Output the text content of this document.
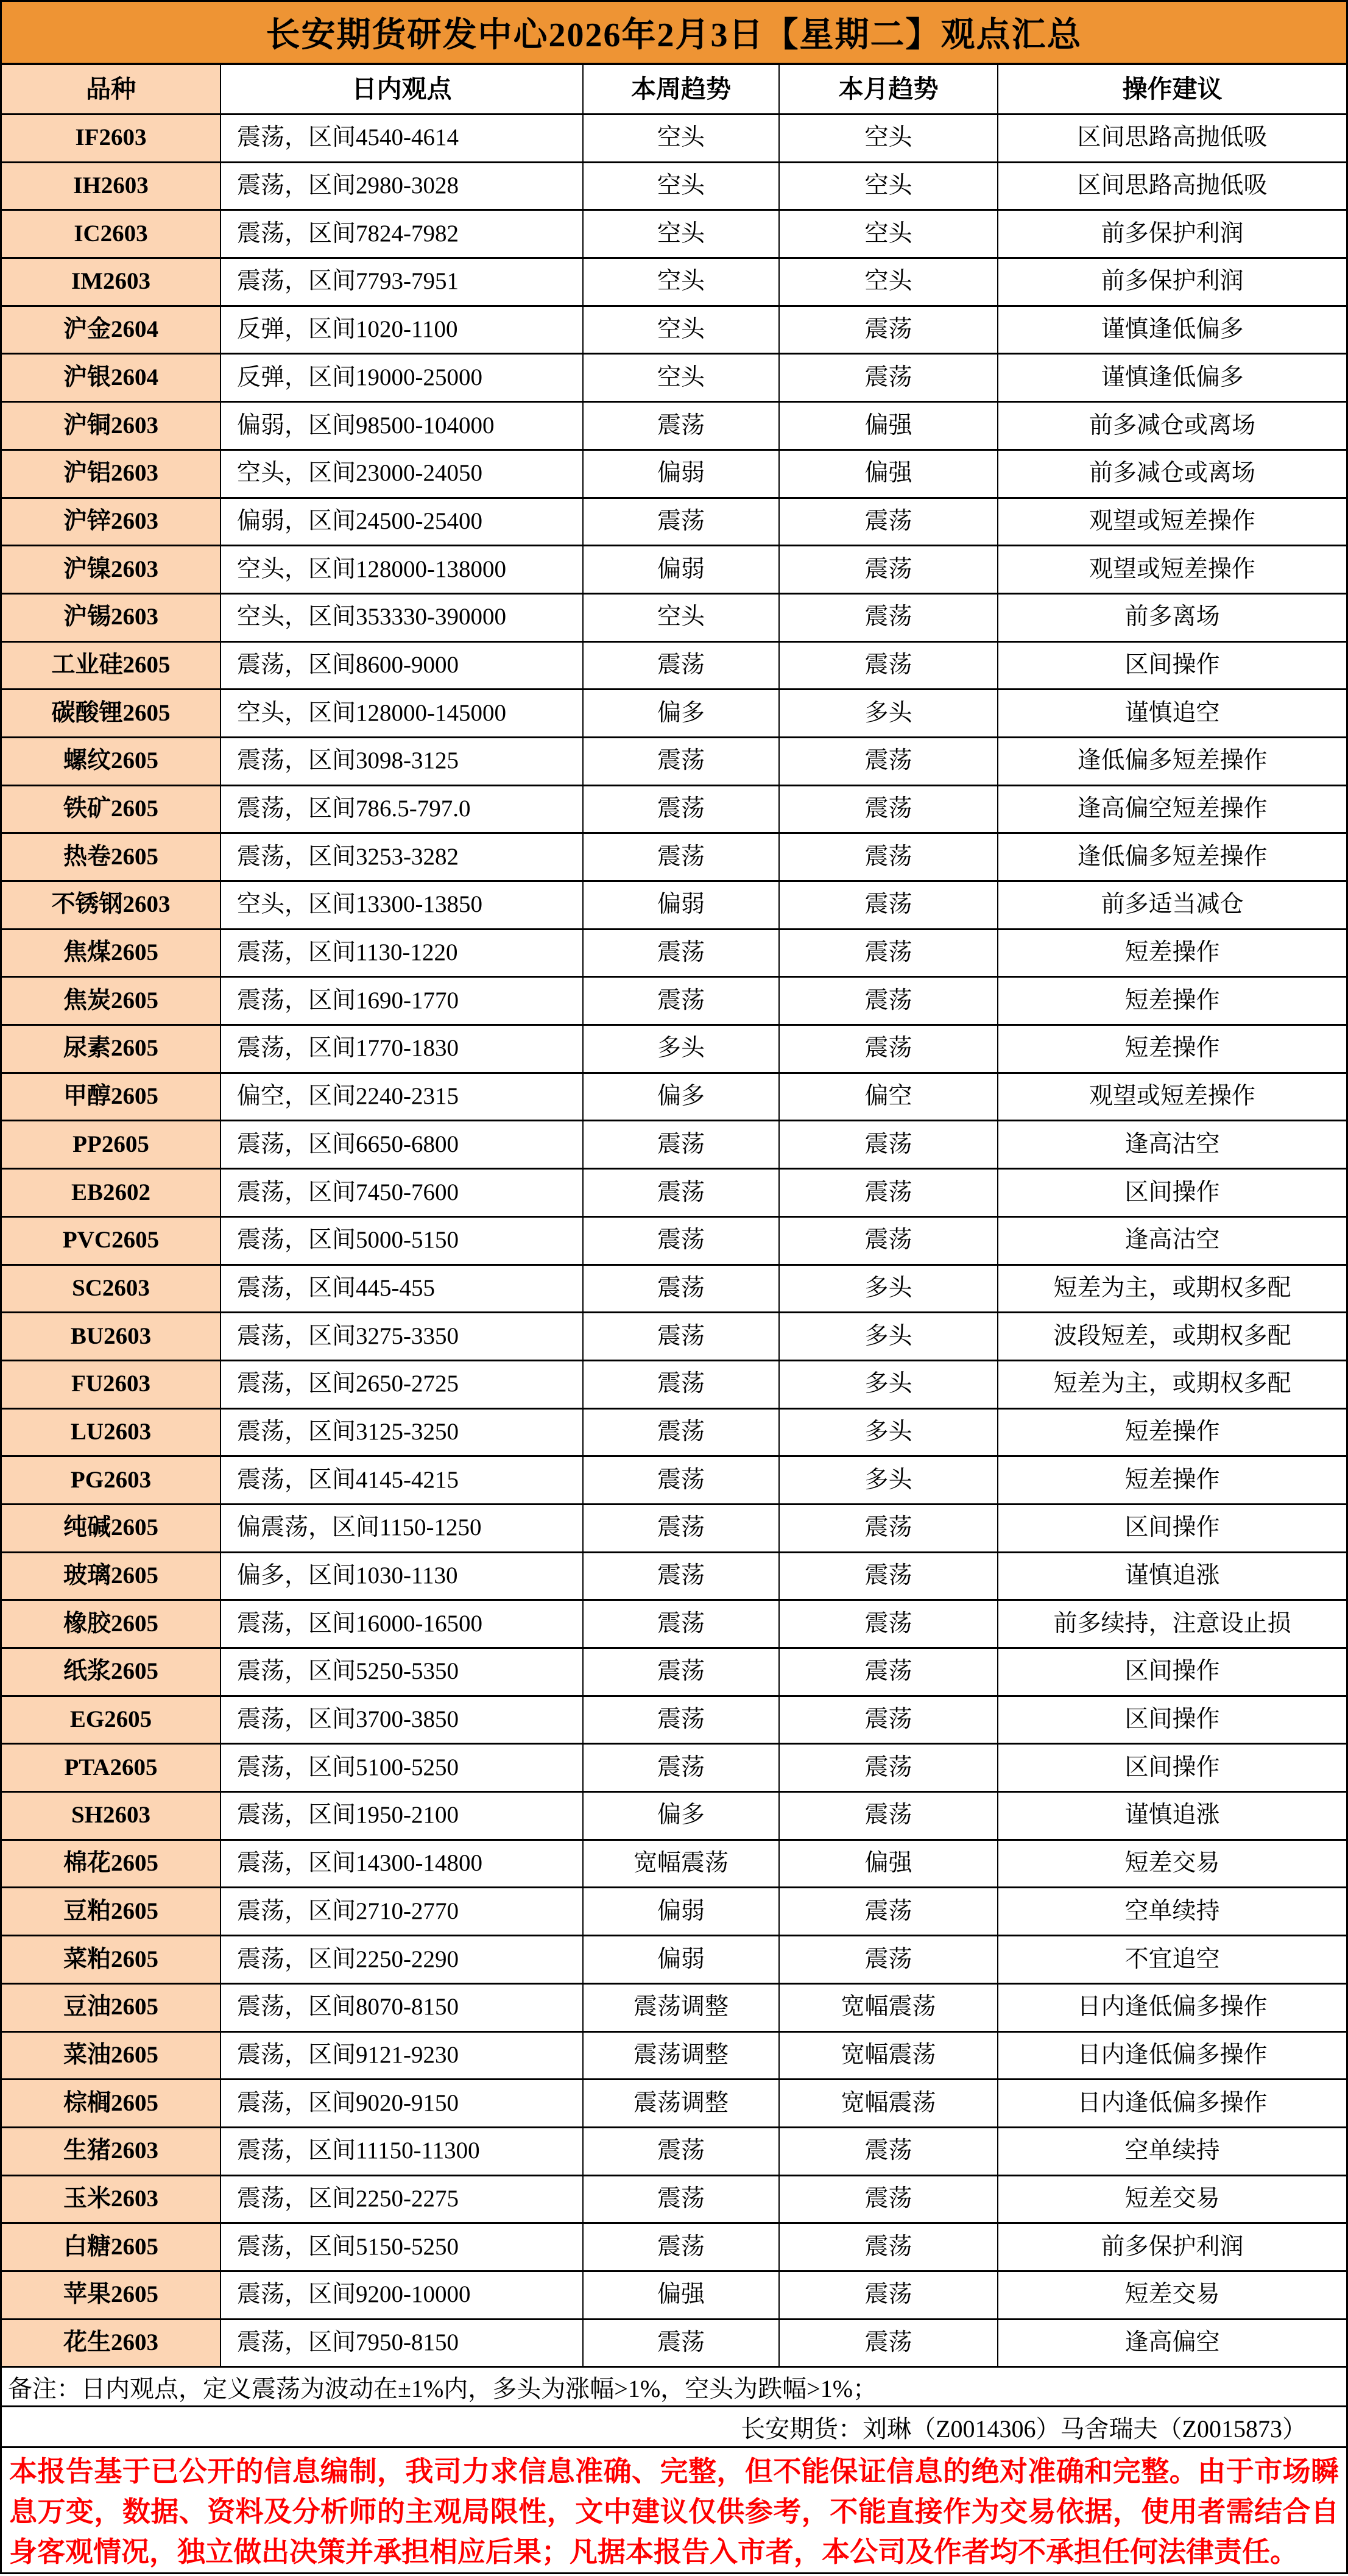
长安期货研发中心2026年2月3日【星期二】观点汇总
品种	日内观点	本周趋势	本月趋势	操作建议
IF2603	震荡，区间4540-4614	空头	空头	区间思路高抛低吸
IH2603	震荡，区间2980-3028	空头	空头	区间思路高抛低吸
IC2603	震荡，区间7824-7982	空头	空头	前多保护利润
IM2603	震荡，区间7793-7951	空头	空头	前多保护利润
沪金2604	反弹，区间1020-1100	空头	震荡	谨慎逢低偏多
沪银2604	反弹，区间19000-25000	空头	震荡	谨慎逢低偏多
沪铜2603	偏弱，区间98500-104000	震荡	偏强	前多减仓或离场
沪铝2603	空头，区间23000-24050	偏弱	偏强	前多减仓或离场
沪锌2603	偏弱，区间24500-25400	震荡	震荡	观望或短差操作
沪镍2603	空头，区间128000-138000	偏弱	震荡	观望或短差操作
沪锡2603	空头，区间353330-390000	空头	震荡	前多离场
工业硅2605	震荡，区间8600-9000	震荡	震荡	区间操作
碳酸锂2605	空头，区间128000-145000	偏多	多头	谨慎追空
螺纹2605	震荡，区间3098-3125	震荡	震荡	逢低偏多短差操作
铁矿2605	震荡，区间786.5-797.0	震荡	震荡	逢高偏空短差操作
热卷2605	震荡，区间3253-3282	震荡	震荡	逢低偏多短差操作
不锈钢2603	空头，区间13300-13850	偏弱	震荡	前多适当减仓
焦煤2605	震荡，区间1130-1220	震荡	震荡	短差操作
焦炭2605	震荡，区间1690-1770	震荡	震荡	短差操作
尿素2605	震荡，区间1770-1830	多头	震荡	短差操作
甲醇2605	偏空，区间2240-2315	偏多	偏空	观望或短差操作
PP2605	震荡，区间6650-6800	震荡	震荡	逢高沽空
EB2602	震荡，区间7450-7600	震荡	震荡	区间操作
PVC2605	震荡，区间5000-5150	震荡	震荡	逢高沽空
SC2603	震荡，区间445-455	震荡	多头	短差为主，或期权多配
BU2603	震荡，区间3275-3350	震荡	多头	波段短差，或期权多配
FU2603	震荡，区间2650-2725	震荡	多头	短差为主，或期权多配
LU2603	震荡，区间3125-3250	震荡	多头	短差操作
PG2603	震荡，区间4145-4215	震荡	多头	短差操作
纯碱2605	偏震荡，区间1150-1250	震荡	震荡	区间操作
玻璃2605	偏多，区间1030-1130	震荡	震荡	谨慎追涨
橡胶2605	震荡，区间16000-16500	震荡	震荡	前多续持，注意设止损
纸浆2605	震荡，区间5250-5350	震荡	震荡	区间操作
EG2605	震荡，区间3700-3850	震荡	震荡	区间操作
PTA2605	震荡，区间5100-5250	震荡	震荡	区间操作
SH2603	震荡，区间1950-2100	偏多	震荡	谨慎追涨
棉花2605	震荡，区间14300-14800	宽幅震荡	偏强	短差交易
豆粕2605	震荡，区间2710-2770	偏弱	震荡	空单续持
菜粕2605	震荡，区间2250-2290	偏弱	震荡	不宜追空
豆油2605	震荡，区间8070-8150	震荡调整	宽幅震荡	日内逢低偏多操作
菜油2605	震荡，区间9121-9230	震荡调整	宽幅震荡	日内逢低偏多操作
棕榈2605	震荡，区间9020-9150	震荡调整	宽幅震荡	日内逢低偏多操作
生猪2603	震荡，区间11150-11300	震荡	震荡	空单续持
玉米2603	震荡，区间2250-2275	震荡	震荡	短差交易
白糖2605	震荡，区间5150-5250	震荡	震荡	前多保护利润
苹果2605	震荡，区间9200-10000	偏强	震荡	短差交易
花生2603	震荡，区间7950-8150	震荡	震荡	逢高偏空
备注：日内观点，定义震荡为波动在±1%内，多头为涨幅>1%，空头为跌幅>1%；
长安期货：刘琳（Z0014306）马舍瑞夫（Z0015873）

本报告基于已公开的信息编制，我司力求信息准确、完整，但不能保证信息的绝对准确和完整。由于市场瞬息万变，数据、资料及分析师的主观局限性，文中建议仅供参考，不能直接作为交易依据，使用者需结合自身客观情况，独立做出决策并承担相应后果；凡据本报告入市者，本公司及作者均不承担任何法律责任。
